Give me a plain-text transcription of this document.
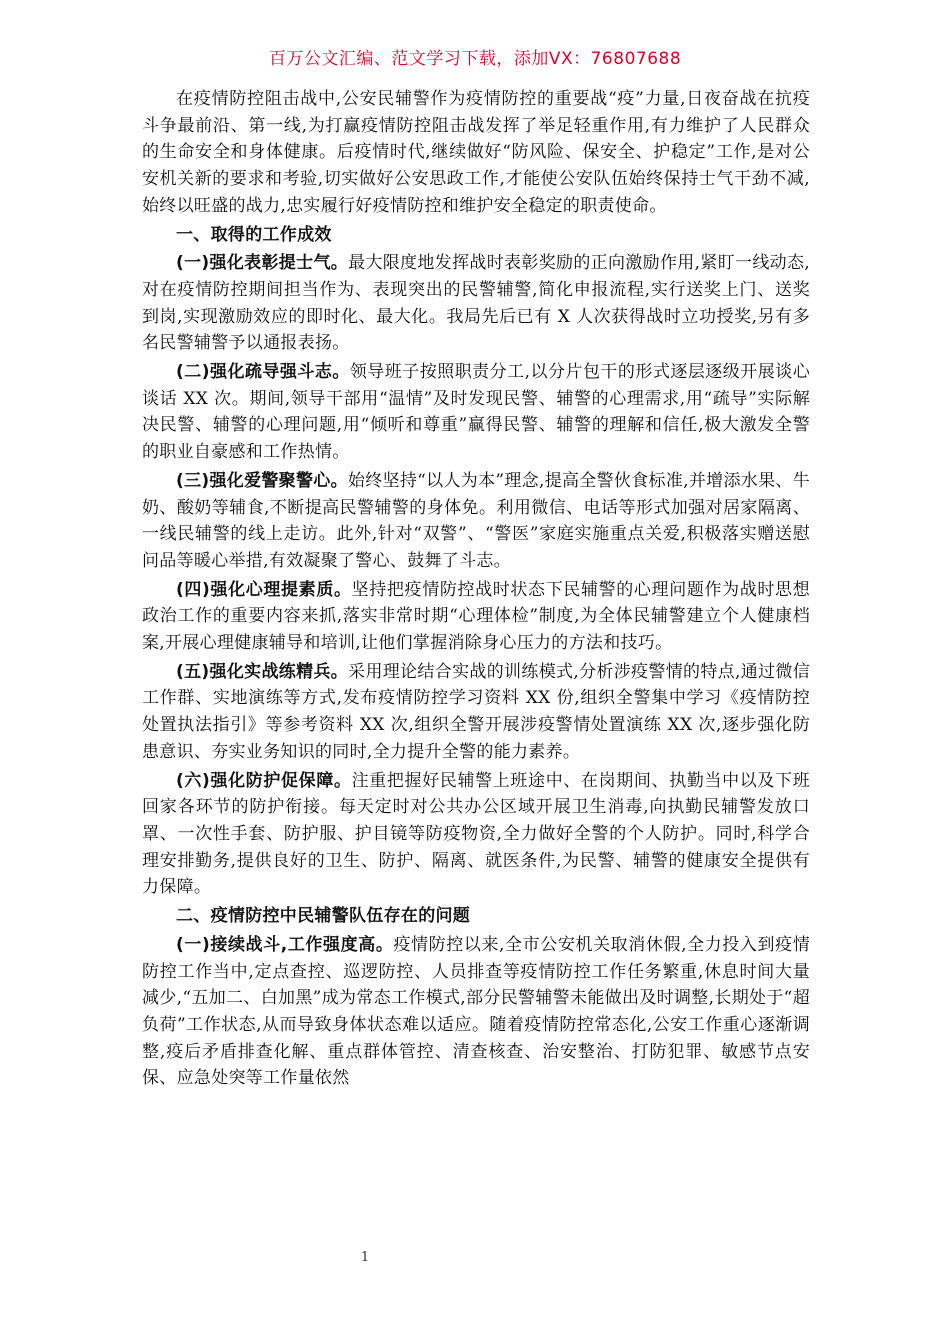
百万公文汇编、范文学习下载，添加VX：76807688

在疫情防控阻击战中,公安民辅警作为疫情防控的重要战“疫”力量,日夜奋战在抗疫斗争最前沿、第一线,为打赢疫情防控阻击战发挥了举足轻重作用,有力维护了人民群众的生命安全和身体健康。后疫情时代,继续做好“防风险、保安全、护稳定”工作,是对公安机关新的要求和考验,切实做好公安思政工作,才能使公安队伍始终保持士气干劲不减,始终以旺盛的战力,忠实履行好疫情防控和维护安全稳定的职责使命。

一、取得的工作成效

(一)强化表彰提士气。最大限度地发挥战时表彰奖励的正向激励作用,紧盯一线动态,对在疫情防控期间担当作为、表现突出的民警辅警,简化申报流程,实行送奖上门、送奖到岗,实现激励效应的即时化、最大化。我局先后已有 X 人次获得战时立功授奖,另有多名民警辅警予以通报表扬。

(二)强化疏导强斗志。领导班子按照职责分工,以分片包干的形式逐层逐级开展谈心谈话 XX 次。期间,领导干部用“温情”及时发现民警、辅警的心理需求,用“疏导”实际解决民警、辅警的心理问题,用“倾听和尊重”赢得民警、辅警的理解和信任,极大激发全警的职业自豪感和工作热情。

(三)强化爱警聚警心。始终坚持“以人为本”理念,提高全警伙食标准,并增添水果、牛奶、酸奶等辅食,不断提高民警辅警的身体免。利用微信、电话等形式加强对居家隔离、一线民辅警的线上走访。此外,针对“双警”、“警医”家庭实施重点关爱,积极落实赠送慰问品等暖心举措,有效凝聚了警心、鼓舞了斗志。

(四)强化心理提素质。坚持把疫情防控战时状态下民辅警的心理问题作为战时思想政治工作的重要内容来抓,落实非常时期“心理体检”制度,为全体民辅警建立个人健康档案,开展心理健康辅导和培训,让他们掌握消除身心压力的方法和技巧。

(五)强化实战练精兵。采用理论结合实战的训练模式,分析涉疫警情的特点,通过微信工作群、实地演练等方式,发布疫情防控学习资料 XX 份,组织全警集中学习《疫情防控处置执法指引》等参考资料 XX 次,组织全警开展涉疫警情处置演练 XX 次,逐步强化防患意识、夯实业务知识的同时,全力提升全警的能力素养。

(六)强化防护促保障。注重把握好民辅警上班途中、在岗期间、执勤当中以及下班回家各环节的防护衔接。每天定时对公共办公区域开展卫生消毒,向执勤民辅警发放口罩、一次性手套、防护服、护目镜等防疫物资,全力做好全警的个人防护。同时,科学合理安排勤务,提供良好的卫生、防护、隔离、就医条件,为民警、辅警的健康安全提供有力保障。

二、疫情防控中民辅警队伍存在的问题

(一)接续战斗,工作强度高。疫情防控以来,全市公安机关取消休假,全力投入到疫情防控工作当中,定点查控、巡逻防控、人员排查等疫情防控工作任务繁重,休息时间大量减少,“五加二、白加黑”成为常态工作模式,部分民警辅警未能做出及时调整,长期处于“超负荷”工作状态,从而导致身体状态难以适应。随着疫情防控常态化,公安工作重心逐渐调整,疫后矛盾排查化解、重点群体管控、清查核查、治安整治、打防犯罪、敏感节点安保、应急处突等工作量依然

1
